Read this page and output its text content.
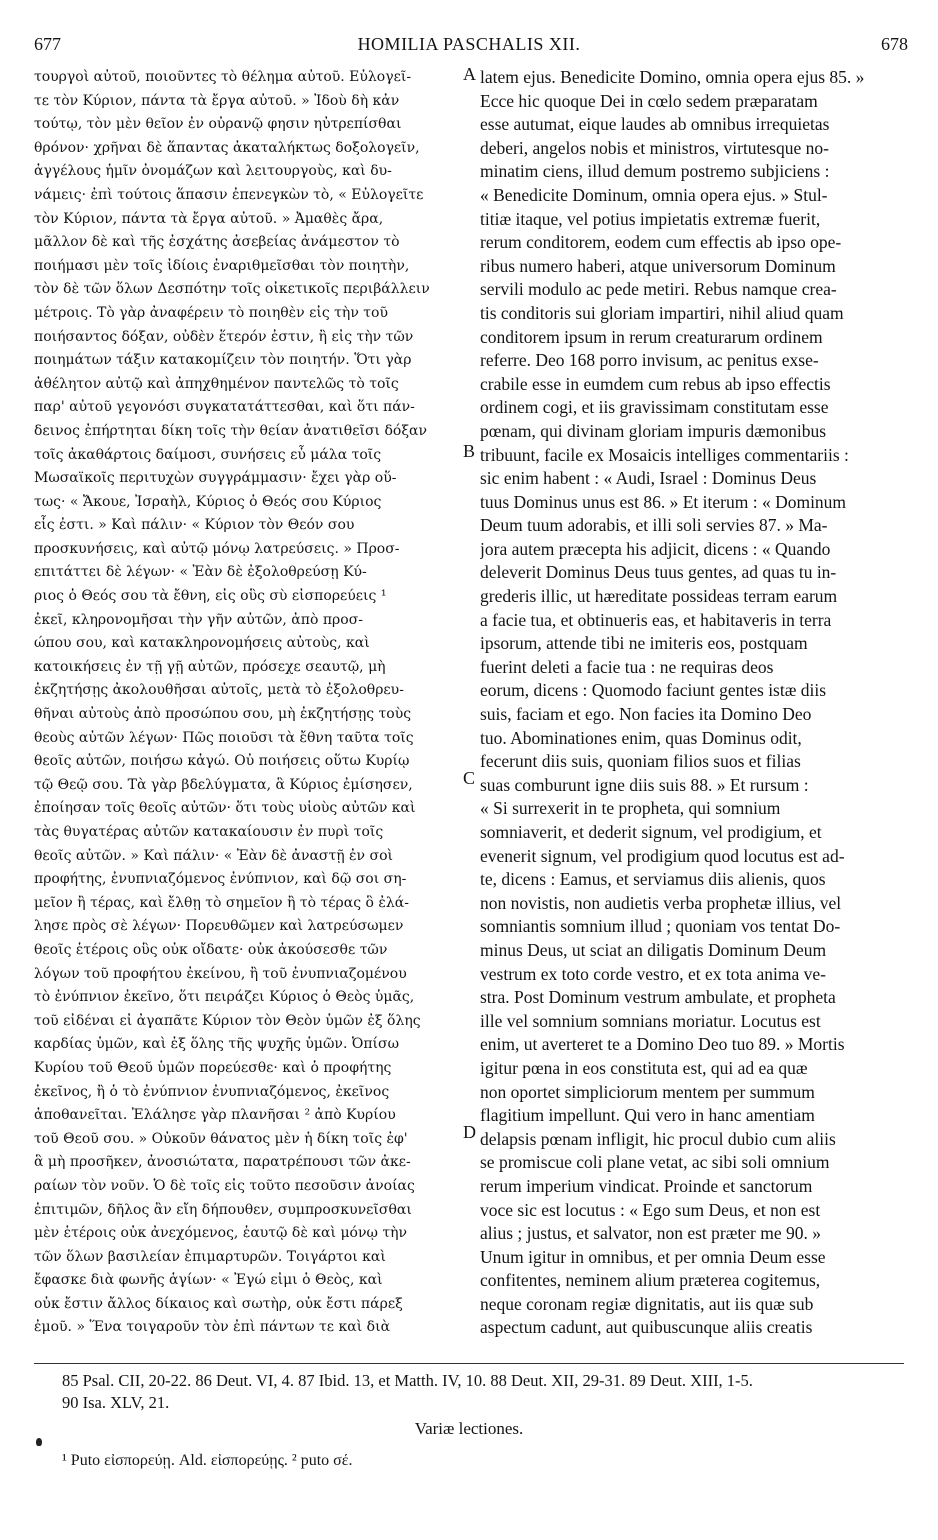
677	HOMILIA PASCHALIS XII.	678
τουργοὶ αὐτοῦ, ποιοῦντες τὸ θέλημα αὐτοῦ. Εὐλογεῖ-
τε τὸν Κύριον, πάντα τὰ ἔργα αὐτοῦ. » Ἰδοὺ δὴ κἀν
τούτῳ, τὸν μὲν θεῖον ἐν οὐρανῷ φησιν ηὐτρεπίσθαι
θρόνον· χρῆναι δὲ ἅπαντας ἀκαταλήκτως δοξολογεῖν,
ἀγγέλους ἡμῖν ὀνομάζων καὶ λειτουργοὺς, καὶ δυ-
νάμεις· ἐπὶ τούτοις ἅπασιν ἐπενεγκὼν τὸ, « Εὐλογεῖτε
τὸν Κύριον, πάντα τὰ ἔργα αὐτοῦ. » Ἀμαθὲς ἄρα,
μᾶλλον δὲ καὶ τῆς ἐσχάτης ἀσεβείας ἀνάμεστον τὸ
ποιήμασι μὲν τοῖς ἰδίοις ἐναριθμεῖσθαι τὸν ποιητὴν,
τὸν δὲ τῶν ὅλων Δεσπότην τοῖς οἰκετικοῖς περιβάλλειν
μέτροις. Τὸ γὰρ ἀναφέρειν τὸ ποιηθὲν εἰς τὴν τοῦ
ποιήσαντος δόξαν, οὐδὲν ἕτερόν ἐστιν, ἢ εἰς τὴν τῶν
ποιημάτων τάξιν κατακομίζειν τὸν ποιητήν. Ὅτι γὰρ
ἀθέλητον αὐτῷ καὶ ἀπηχθημένον παντελῶς τὸ τοῖς
παρ' αὐτοῦ γεγονόσι συγκατατάττεσθαι, καὶ ὅτι πάν-
δεινος ἐπήρτηται δίκη τοῖς τὴν θείαν ἀνατιθεῖσι δόξαν
τοῖς ἀκαθάρτοις δαίμοσι, συνήσεις εὖ μάλα τοῖς
Μωσαϊκοῖς περιτυχὼν συγγράμμασιν· ἔχει γὰρ οὕ-
τως· « Ἄκουε, Ἰσραὴλ, Κύριος ὁ Θεός σου Κύριος
εἷς ἐστι. » Καὶ πάλιν· « Κύριον τὸν Θεόν σου
προσκυνήσεις, καὶ αὐτῷ μόνῳ λατρεύσεις. » Προσ-
επιτάττει δὲ λέγων· « Ἐὰν δὲ ἐξολοθρεύσῃ Κύ-
ριος ὁ Θεός σου τὰ ἔθνη, εἰς οὓς σὺ εἰσπορεύεις ¹
ἐκεῖ, κληρονομῆσαι τὴν γῆν αὐτῶν, ἀπὸ προσ-
ώπου σου, καὶ κατακληρονομήσεις αὐτοὺς, καὶ
κατοικήσεις ἐν τῇ γῇ αὐτῶν, πρόσεχε σεαυτῷ, μὴ
ἐκζητήσῃς ἀκολουθῆσαι αὐτοῖς, μετὰ τὸ ἐξολοθρευ-
θῆναι αὐτοὺς ἀπὸ προσώπου σου, μὴ ἐκζητήσῃς τοὺς
θεοὺς αὐτῶν λέγων· Πῶς ποιοῦσι τὰ ἔθνη ταῦτα τοῖς
θεοῖς αὐτῶν, ποιήσω κἀγώ. Οὐ ποιήσεις οὕτω Κυρίῳ
τῷ Θεῷ σου. Τὰ γὰρ βδελύγματα, ἃ Κύριος ἐμίσησεν,
ἐποίησαν τοῖς θεοῖς αὐτῶν· ὅτι τοὺς υἱοὺς αὐτῶν καὶ
τὰς θυγατέρας αὐτῶν κατακαίουσιν ἐν πυρὶ τοῖς
θεοῖς αὐτῶν. » Καὶ πάλιν· « Ἐὰν δὲ ἀναστῇ ἐν σοὶ
προφήτης, ἐνυπνιαζόμενος ἐνύπνιον, καὶ δῷ σοι ση-
μεῖον ἢ τέρας, καὶ ἔλθῃ τὸ σημεῖον ἢ τὸ τέρας ὃ ἐλά-
λησε πρὸς σὲ λέγων· Πορευθῶμεν καὶ λατρεύσωμεν
θεοῖς ἑτέροις οὓς οὐκ οἴδατε· οὐκ ἀκούσεσθε τῶν
λόγων τοῦ προφήτου ἐκείνου, ἢ τοῦ ἐνυπνιαζομένου
τὸ ἐνύπνιον ἐκεῖνο, ὅτι πειράζει Κύριος ὁ Θεὸς ὑμᾶς,
τοῦ εἰδέναι εἰ ἀγαπᾶτε Κύριον τὸν Θεὸν ὑμῶν ἐξ ὅλης
καρδίας ὑμῶν, καὶ ἐξ ὅλης τῆς ψυχῆς ὑμῶν. Ὀπίσω
Κυρίου τοῦ Θεοῦ ὑμῶν πορεύεσθε· καὶ ὁ προφήτης
ἐκεῖνος, ἢ ὁ τὸ ἐνύπνιον ἐνυπνιαζόμενος, ἐκεῖνος
ἀποθανεῖται. Ἐλάλησε γὰρ πλανῆσαι ² ἀπὸ Κυρίου
τοῦ Θεοῦ σου. » Οὐκοῦν θάνατος μὲν ἡ δίκη τοῖς ἐφ'
ἃ μὴ προσῆκεν, ἀνοσιώτατα, παρατρέπουσι τῶν ἀκε-
ραίων τὸν νοῦν. Ὁ δὲ τοῖς εἰς τοῦτο πεσοῦσιν ἀνοίας
ἐπιτιμῶν, δῆλος ἂν εἴη δήπουθεν, συμπροσκυνεῖσθαι
μὲν ἑτέροις οὐκ ἀνεχόμενος, ἑαυτῷ δὲ καὶ μόνῳ τὴν
τῶν ὅλων βασιλείαν ἐπιμαρτυρῶν. Τοιγάρτοι καὶ
ἔφασκε διὰ φωνῆς ἁγίων· « Ἐγώ εἰμι ὁ Θεὸς, καὶ
οὐκ ἔστιν ἄλλος δίκαιος καὶ σωτὴρ, οὐκ ἔστι πάρεξ
ἐμοῦ. » Ἕνα τοιγαροῦν τὸν ἐπὶ πάντων τε καὶ διὰ
latem ejus. Benedicite Domino, omnia opera ejus 85. »
Ecce hic quoque Dei in cœlo sedem præparatam
esse autumat, eique laudes ab omnibus irrequietas
deberi, angelos nobis et ministros, virtutesque no-
minatim ciens, illud demum postremo subjiciens :
« Benedicite Dominum, omnia opera ejus. » Stul-
titiæ itaque, vel potius impietatis extremæ fuerit,
rerum conditorem, eodem cum effectis ab ipso ope-
ribus numero haberi, atque universorum Dominum
servili modulo ac pede metiri. Rebus namque crea-
tis conditoris sui gloriam impartiri, nihil aliud quam
conditorem ipsum in rerum creaturarum ordinem
referre. Deo 168 porro invisum, ac penitus exse-
crabile esse in eumdem cum rebus ab ipso effectis
ordinem cogi, et iis gravissimam constitutam esse
pœnam, qui divinam gloriam impuris dæmonibus
tribuunt, facile ex Mosaicis intelliges commentariis :
sic enim habent : « Audi, Israel : Dominus Deus
tuus Dominus unus est 86. » Et iterum : « Dominum
Deum tuum adorabis, et illi soli servies 87. » Ma-
jora autem præcepta his adjicit, dicens : « Quando
deleverit Dominus Deus tuus gentes, ad quas tu in-
grederis illic, ut hæreditate possideas terram earum
a facie tua, et obtinueris eas, et habitaveris in terra
ipsorum, attende tibi ne imiteris eos, postquam
fuerint deleti a facie tua : ne requiras deos
eorum, dicens : Quomodo faciunt gentes istæ diis
suis, faciam et ego. Non facies ita Domino Deo
tuo. Abominationes enim, quas Dominus odit,
fecerunt diis suis, quoniam filios suos et filias
suas comburunt igne diis suis 88. » Et rursum :
« Si surrexerit in te propheta, qui somnium
somniaverit, et dederit signum, vel prodigium, et
evenerit signum, vel prodigium quod locutus est ad-
te, dicens : Eamus, et serviamus diis alienis, quos
non novistis, non audietis verba prophetæ illius, vel
somniantis somnium illud ; quoniam vos tentat Do-
minus Deus, ut sciat an diligatis Dominum Deum
vestrum ex toto corde vestro, et ex tota anima ve-
stra. Post Dominum vestrum ambulate, et propheta
ille vel somnium somnians moriatur. Locutus est
enim, ut averteret te a Domino Deo tuo 89. » Mortis
igitur pœna in eos constituta est, qui ad ea quæ
non oportet simpliciorum mentem per summum
flagitium impellunt. Qui vero in hanc amentiam
delapsis pœnam infligit, hic procul dubio cum aliis
se promiscue coli plane vetat, ac sibi soli omnium
rerum imperium vindicat. Proinde et sanctorum
voce sic est locutus : « Ego sum Deus, et non est
alius ; justus, et salvator, non est præter me 90. »
Unum igitur in omnibus, et per omnia Deum esse
confitentes, neminem alium præterea cogitemus,
neque coronam regiæ dignitatis, aut iis quæ sub
aspectum cadunt, aut quibuscunque aliis creatis
A
B
C
D
85 Psal. CII, 20-22. 86 Deut. VI, 4. 87 Ibid. 13, et Matth. IV, 10. 88 Deut. XII, 29-31. 89 Deut. XIII, 1-5.
90 Isa. XLV, 21.
Variæ lectiones.
¹ Puto εἰσπορεύῃ. Ald. εἰσπορεύῃς. ² puto σέ.
